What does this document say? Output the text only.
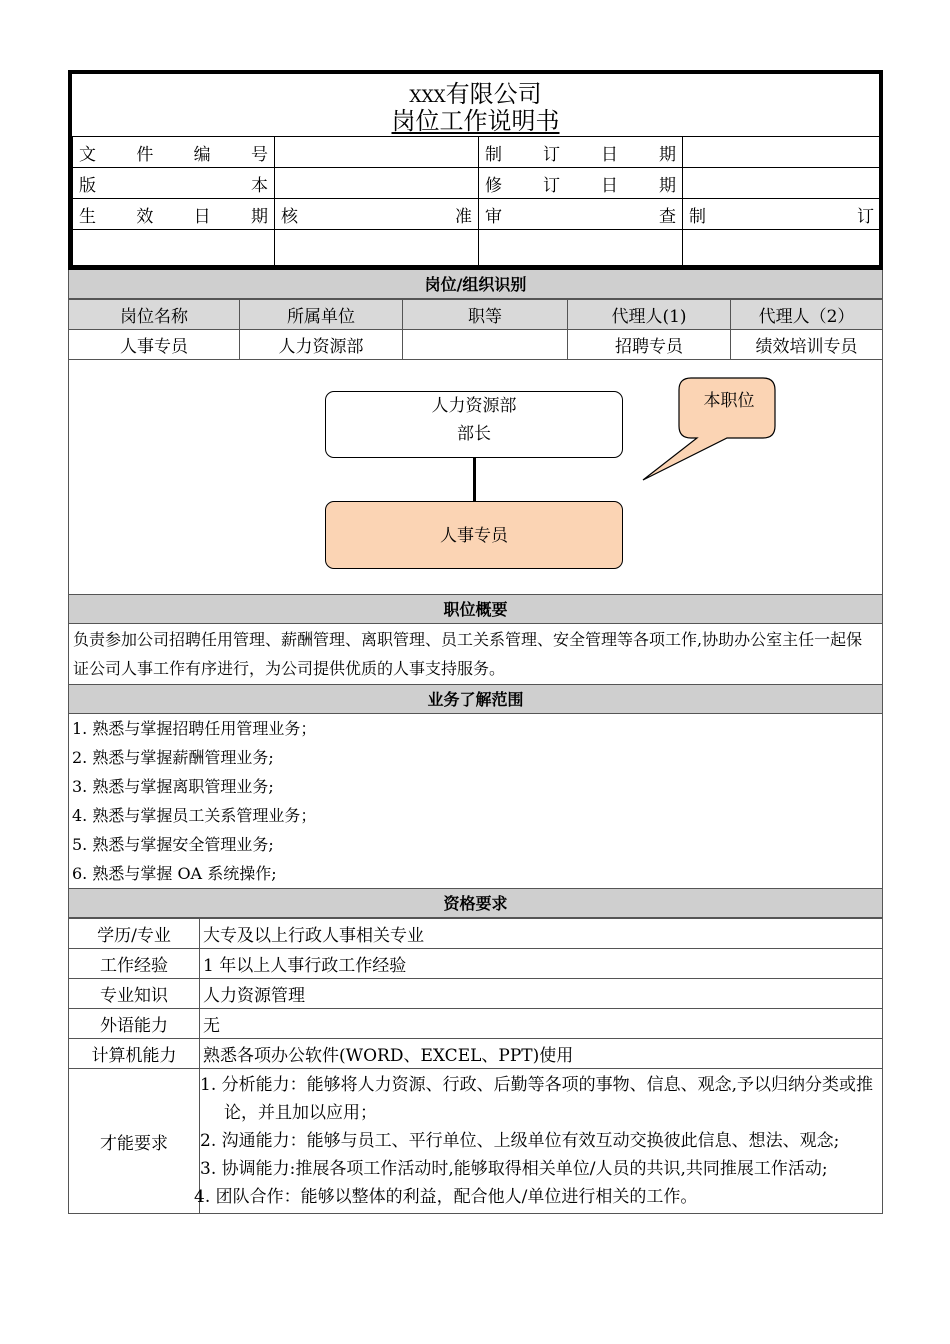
XXX有限公司
岗位工作说明书
文 件 编 号		制 订 日 期	

版 本		修 订 日 期	

生 效 日 期	核 准	审 查	制 订

岗位/组织识别
岗位名称	所属单位	职等	代理人(1)	代理人（2）
人事专员	人力资源部		招聘专员	绩效培训专员
人力资源部
部长
人事专员
本职位
职位概要
负责参加公司招聘任用管理、薪酬管理、离职管理、员工关系管理、安全管理等各项工作,协助办公室主任一起保证公司人事工作有序进行，为公司提供优质的人事支持服务。
业务了解范围
1. 熟悉与掌握招聘任用管理业务；
2. 熟悉与掌握薪酬管理业务;
3. 熟悉与掌握离职管理业务;
4. 熟悉与掌握员工关系管理业务；
5. 熟悉与掌握安全管理业务;
6. 熟悉与掌握 OA 系统操作;
资格要求
学历/专业	大专及以上行政人事相关专业
工作经验	1 年以上人事行政工作经验
专业知识	人力资源管理
外语能力	无
计算机能力	熟悉各项办公软件(WORD、EXCEL、PPT)使用
才能要求	1. 分析能力：能够将人力资源、行政、后勤等各项的事物、信息、观念,予以归纳分类或推论，并且加以应用；
2. 沟通能力：能够与员工、平行单位、上级单位有效互动交换彼此信息、想法、观念;
3. 协调能力:推展各项工作活动时,能够取得相关单位/人员的共识,共同推展工作活动;
4. 团队合作：能够以整体的利益，配合他人/单位进行相关的工作。
